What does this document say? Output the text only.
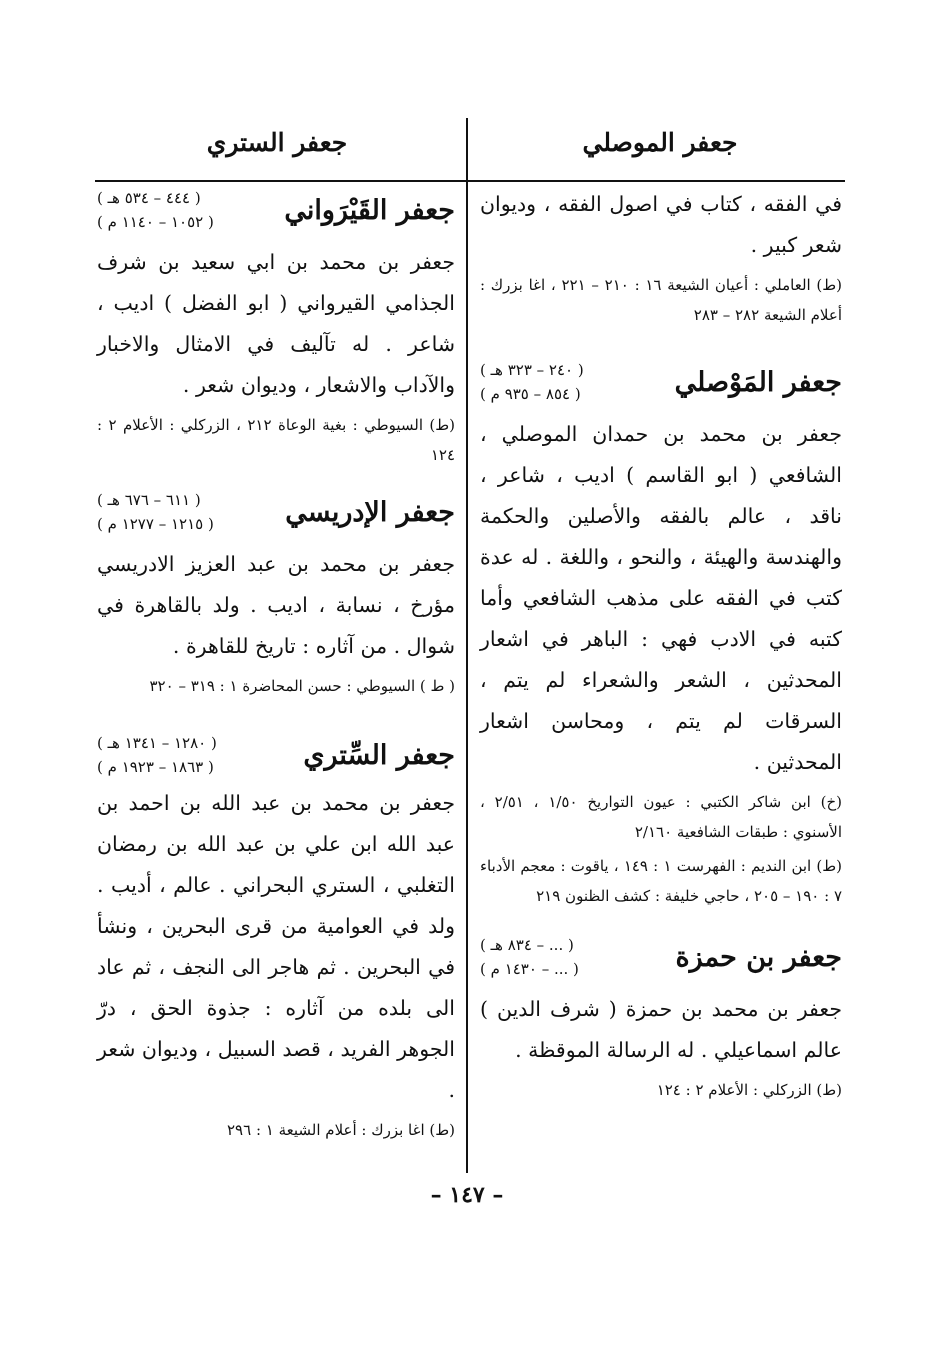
جعفر الموصلي
جعفر الستري

في الفقه ، كتاب في اصول الفقه ، وديوان شعر كبير .

(ط) العاملي : أعيان الشيعة ١٦ : ٢١٠ – ٢٢١ ، اغا بزرك : أعلام الشيعة ٢٨٢ – ٢٨٣

جعفر المَوْصلي
( ٢٤٠ – ٣٢٣ هـ )
( ٨٥٤ – ٩٣٥ م )

جعفر بن محمد بن حمدان الموصلي ، الشافعي ( ابو القاسم ) اديب ، شاعر ، ناقد ، عالم بالفقه والأصلين والحكمة والهندسة والهيئة ، والنحو ، واللغة . له عدة كتب في الفقه على مذهب الشافعي وأما كتبه في الادب فهي : الباهر في اشعار المحدثين ، الشعر والشعراء لم يتم ، السرقات لم يتم ، ومحاسن اشعار المحدثين .

(خ) ابن شاكر الكتبي : عيون التواريخ ١/٥٠ ، ٢/٥١ ، الأسنوي : طبقات الشافعية ٢/١٦٠

(ط) ابن النديم : الفهرست ١ : ١٤٩ ، ياقوت : معجم الأدباء ٧ : ١٩٠ – ٢٠٥ ، حاجي خليفة : كشف الظنون ٢١٩

جعفر بن حمزة
( ... – ٨٣٤ هـ )
( ... – ١٤٣٠ م )

جعفر بن محمد بن حمزة ( شرف الدين ) عالم اسماعيلي . له الرسالة الموقظة .

(ط) الزركلي : الأعلام ٢ : ١٢٤

جعفر القَيْرَواني
( ٤٤٤ – ٥٣٤ هـ )
( ١٠٥٢ – ١١٤٠ م )

جعفر بن محمد بن ابي سعيد بن شرف الجذامي القيرواني ( ابو الفضل ) اديب ، شاعر . له تآليف في الامثال والاخبار والآداب والاشعار ، وديوان شعر .

(ط) السيوطي : بغية الوعاة ٢١٢ ، الزركلي : الأعلام ٢ : ١٢٤

جعفر الإدريسي
( ٦١١ – ٦٧٦ هـ )
( ١٢١٥ – ١٢٧٧ م )

جعفر بن محمد بن عبد العزيز الادريسي مؤرخ ، نسابة ، اديب . ولد بالقاهرة في شوال . من آثاره : تاريخ للقاهرة .

( ط ) السيوطي : حسن المحاضرة ١ : ٣١٩ – ٣٢٠

جعفر السِّتري
( ١٢٨٠ – ١٣٤١ هـ )
( ١٨٦٣ – ١٩٢٣ م )

جعفر بن محمد بن عبد الله بن احمد بن عبد الله ابن علي بن عبد الله بن رمضان التغلبي ، الستري البحراني . عالم ، أديب . ولد في العوامية من قرى البحرين ، ونشأ في البحرين . ثم هاجر الى النجف ، ثم عاد الى بلده من آثاره : جذوة الحق ، درّ الجوهر الفريد ، قصد السبيل ، وديوان شعر .

(ط) اغا بزرك : أعلام الشيعة ١ : ٢٩٦

– ١٤٧ –
